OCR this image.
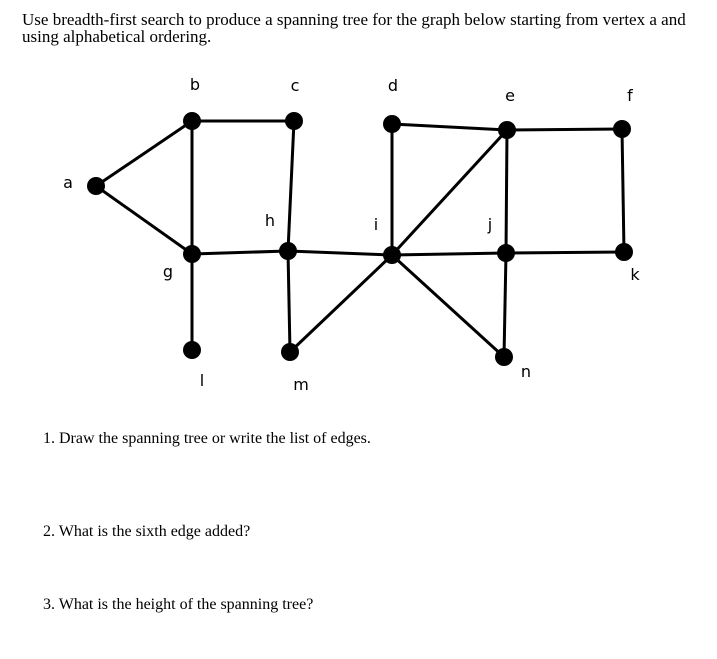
Use breadth-first search to produce a spanning tree for the graph below starting from vertex a and
using alphabetical ordering.
a
b	c	d
e	f
g
h	i	j
k
l	m
n

1. Draw the spanning tree or write the list of edges.

2. What is the sixth edge added?

3. What is the height of the spanning tree?
